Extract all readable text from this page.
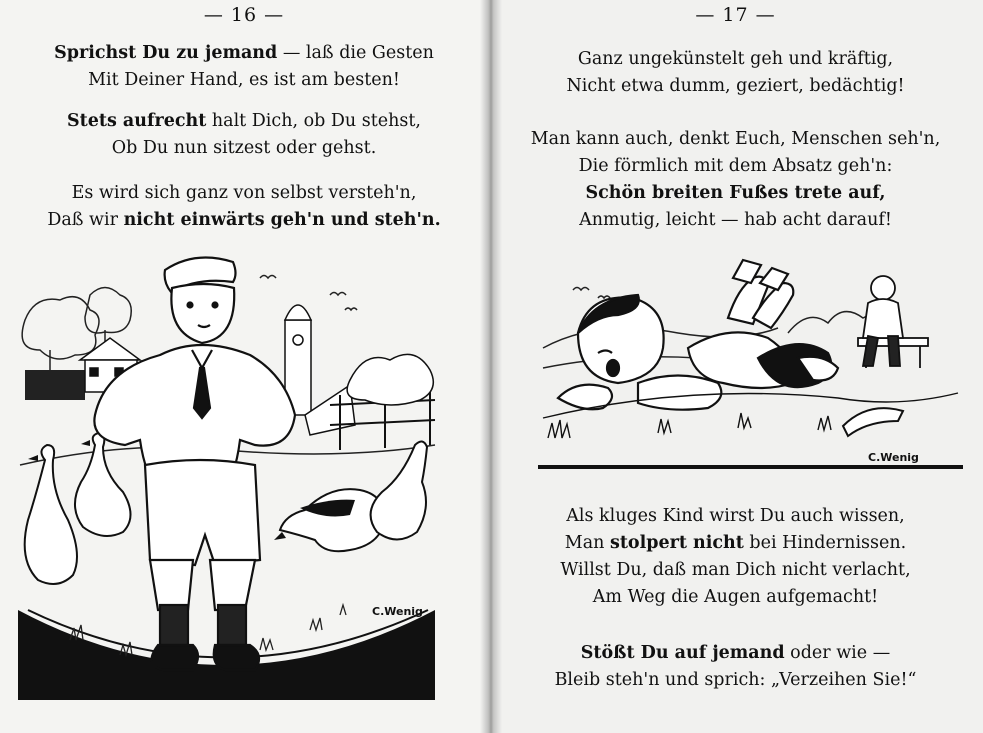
— 16 —

Sprichst Du zu jemand — laß die Gesten

Mit Deiner Hand, es ist am besten!

Stets aufrecht halt Dich, ob Du stehst,

Ob Du nun sitzest oder gehst.

Es wird sich ganz von selbst versteh'n,

Daß wir nicht einwärts geh'n und steh'n.

C.Wenig
— 17 —

Ganz ungekünstelt geh und kräftig,

Nicht etwa dumm, geziert, bedächtig!

Man kann auch, denkt Euch, Menschen seh'n,

Die förmlich mit dem Absatz geh'n:

Schön breiten Fußes trete auf,

Anmutig, leicht — hab acht darauf!

C.Wenig

Als kluges Kind wirst Du auch wissen,

Man stolpert nicht bei Hindernissen.

Willst Du, daß man Dich nicht verlacht,

Am Weg die Augen aufgemacht!

Stößt Du auf jemand oder wie —

Bleib steh'n und sprich: „Verzeihen Sie!“
